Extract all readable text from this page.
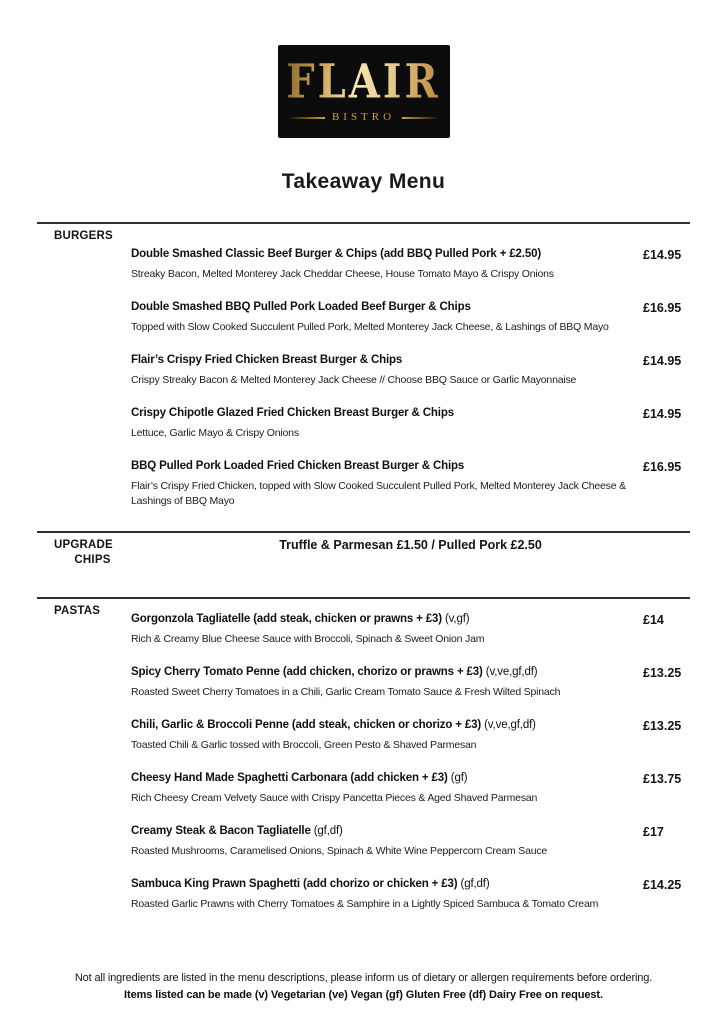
FLAIR
BISTRO
Takeaway Menu
BURGERS
Double Smashed Classic Beef Burger & Chips (add BBQ Pulled Pork + £2.50)
Streaky Bacon, Melted Monterey Jack Cheddar Cheese, House Tomato Mayo & Crispy Onions
£14.95
Double Smashed BBQ Pulled Pork Loaded Beef Burger & Chips
Topped with Slow Cooked Succulent Pulled Pork, Melted Monterey Jack Cheese, & Lashings of BBQ Mayo
£16.95
Flair’s Crispy Fried Chicken Breast Burger & Chips
Crispy Streaky Bacon & Melted Monterey Jack Cheese // Choose BBQ Sauce or Garlic Mayonnaise
£14.95
Crispy Chipotle Glazed Fried Chicken Breast Burger & Chips
Lettuce, Garlic Mayo & Crispy Onions
£14.95
BBQ Pulled Pork Loaded Fried Chicken Breast Burger & Chips
Flair’s Crispy Fried Chicken, topped with Slow Cooked Succulent Pulled Pork, Melted Monterey Jack Cheese & Lashings of BBQ Mayo
£16.95
UPGRADE
CHIPS
Truffle & Parmesan £1.50 / Pulled Pork £2.50
PASTAS
Gorgonzola Tagliatelle (add steak, chicken or prawns + £3) (v,gf)
Rich & Creamy Blue Cheese Sauce with Broccoli, Spinach & Sweet Onion Jam
£14
Spicy Cherry Tomato Penne (add chicken, chorizo or prawns + £3) (v,ve,gf,df)
Roasted Sweet Cherry Tomatoes in a Chili, Garlic Cream Tomato Sauce & Fresh Wilted Spinach
£13.25
Chili, Garlic & Broccoli Penne (add steak, chicken or chorizo + £3) (v,ve,gf,df)
Toasted Chili & Garlic tossed with Broccoli, Green Pesto & Shaved Parmesan
£13.25
Cheesy Hand Made Spaghetti Carbonara (add chicken + £3) (gf)
Rich Cheesy Cream Velvety Sauce with Crispy Pancetta Pieces & Aged Shaved Parmesan
£13.75
Creamy Steak & Bacon Tagliatelle (gf,df)
Roasted Mushrooms, Caramelised Onions, Spinach & White Wine Peppercorn Cream Sauce
£17
Sambuca King Prawn Spaghetti (add chorizo or chicken + £3) (gf,df)
Roasted Garlic Prawns with Cherry Tomatoes & Samphire in a Lightly Spiced Sambuca & Tomato Cream
£14.25
Not all ingredients are listed in the menu descriptions, please inform us of dietary or allergen requirements before ordering.
Items listed can be made (v) Vegetarian (ve) Vegan (gf) Gluten Free (df) Dairy Free on request.
